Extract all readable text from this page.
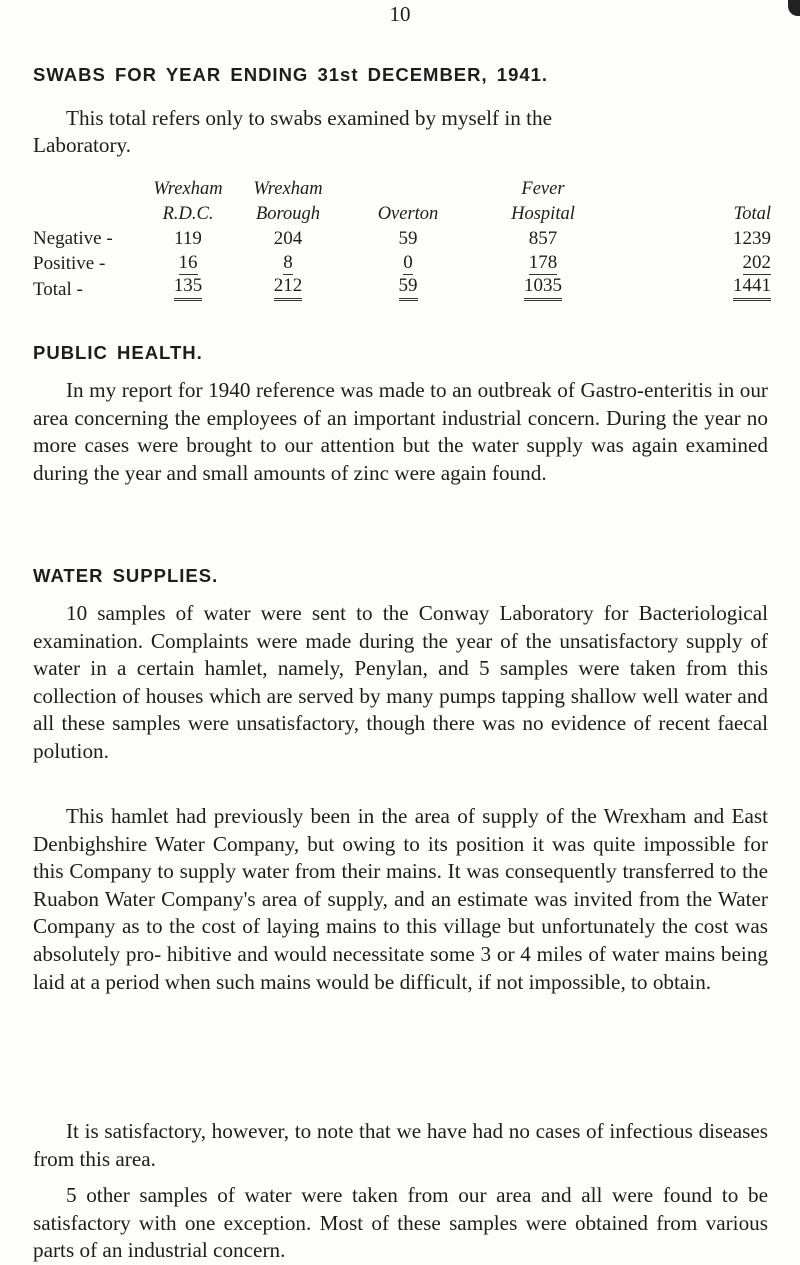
10
SWABS FOR YEAR ENDING 31st DECEMBER, 1941.
This total refers only to swabs examined by myself in the
Laboratory.
	Wrexham	Wrexham		Fever	
	R.D.C.	Borough	Overton	Hospital	Total
Negative -	119	204	59	857	1239
Positive -	16	8	0	178	202
Total -	135	212	59	1035	1441
PUBLIC HEALTH.

In my report for 1940 reference was made to an outbreak of Gastro-enteritis in our area concerning the employees of an important industrial concern. During the year no more cases were brought to our attention but the water supply was again examined during the year and small amounts of zinc were again found.

WATER SUPPLIES.

10 samples of water were sent to the Conway Laboratory for Bacteriological examination. Complaints were made during the year of the unsatisfactory supply of water in a certain hamlet, namely, Penylan, and 5 samples were taken from this collection of houses which are served by many pumps tapping shallow well water and all these samples were unsatisfactory, though there was no evidence of recent faecal polution.

This hamlet had previously been in the area of supply of the Wrexham and East Denbighshire Water Company, but owing to its position it was quite impossible for this Company to supply water from their mains. It was consequently transferred to the Ruabon Water Company's area of supply, and an estimate was invited from the Water Company as to the cost of laying mains to this village but unfortunately the cost was absolutely pro- hibitive and would necessitate some 3 or 4 miles of water mains being laid at a period when such mains would be difficult, if not impossible, to obtain.

It is satisfactory, however, to note that we have had no cases of infectious diseases from this area.

5 other samples of water were taken from our area and all were found to be satisfactory with one exception. Most of these samples were obtained from various parts of an industrial concern.
